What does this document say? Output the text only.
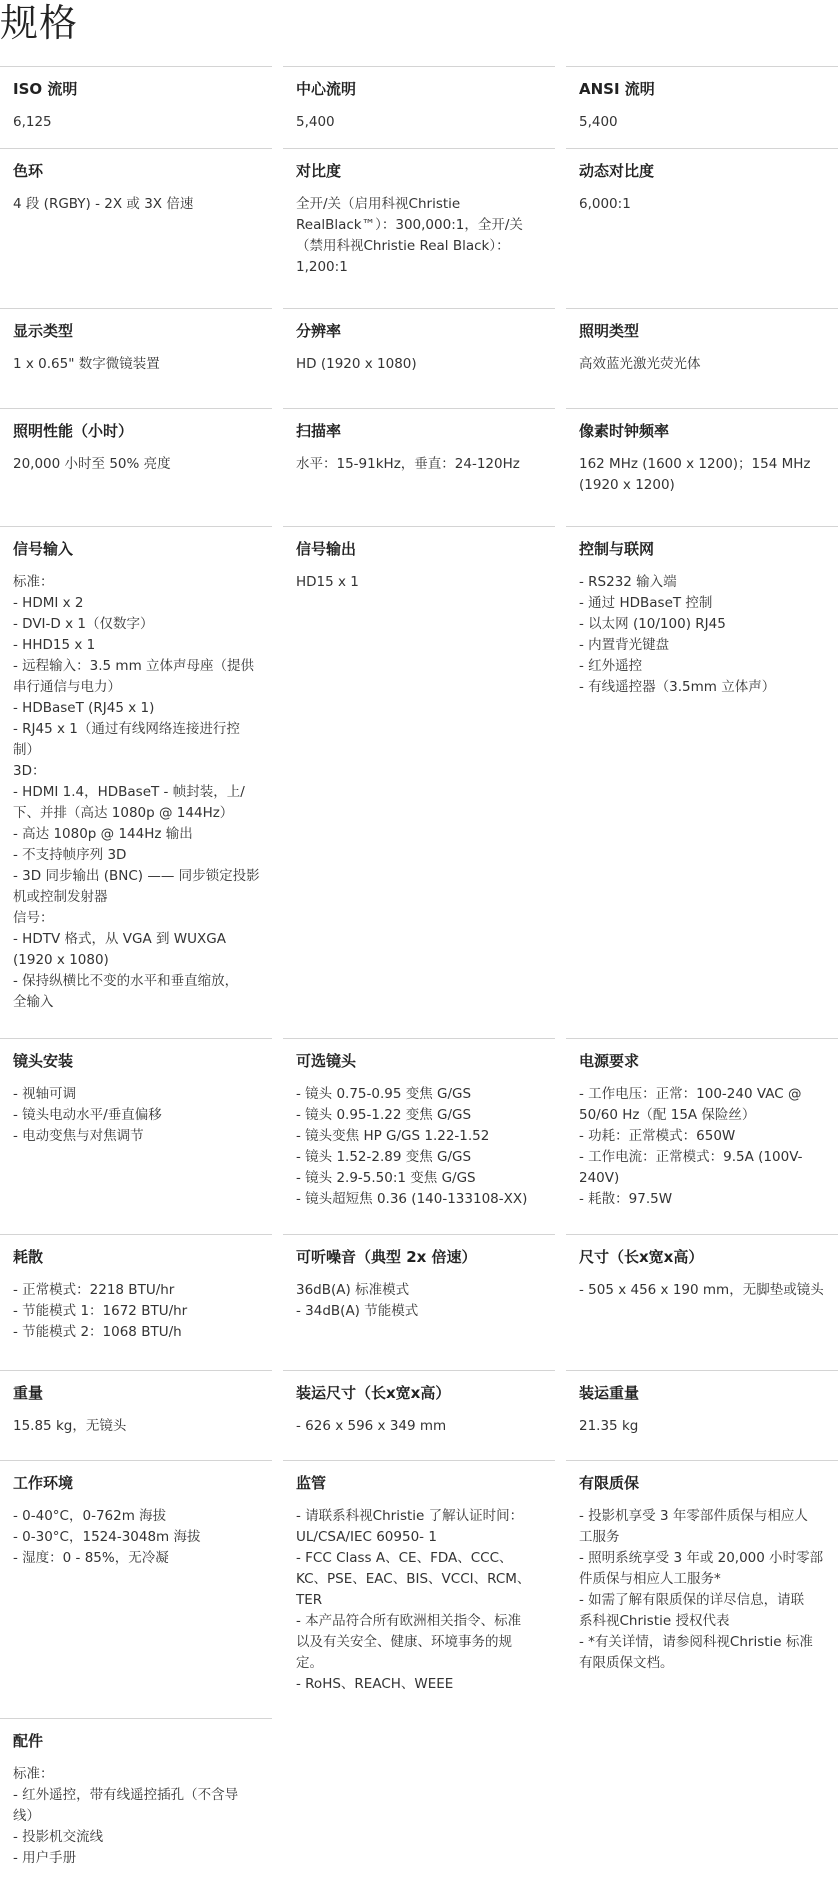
规格
ISO 流明
6,125
中心流明
5,400
ANSI 流明
5,400
色环
4 段 (RGBY) - 2X 或 3X 倍速
对比度
全开/关（启用科视Christie
RealBlack™）：300,000:1，全开/关
（禁用科视Christie Real Black）：
1,200:1
动态对比度
6,000:1
显示类型
1 x 0.65" 数字微镜装置
分辨率
HD (1920 x 1080)
照明类型
高效蓝光激光荧光体
照明性能（小时）
20,000 小时至 50% 亮度
扫描率
水平：15-91kHz，垂直：24-120Hz
像素时钟频率
162 MHz (1600 x 1200)；154 MHz
(1920 x 1200)
信号输入
标准：
- HDMI x 2
- DVI-D x 1（仅数字）
- HHD15 x 1
- 远程输入：3.5 mm 立体声母座（提供
串行通信与电力）
- HDBaseT (RJ45 x 1)
- RJ45 x 1（通过有线网络连接进行控
制）
3D：
- HDMI 1.4，HDBaseT - 帧封装，上/
下、并排（高达 1080p @ 144Hz）
- 高达 1080p @ 144Hz 输出
- 不支持帧序列 3D
- 3D 同步输出 (BNC) —— 同步锁定投影
机或控制发射器
信号：
- HDTV 格式，从 VGA 到 WUXGA
(1920 x 1080)
- 保持纵横比不变的水平和垂直缩放，
全输入
信号输出
HD15 x 1
控制与联网
- RS232 输入端
- 通过 HDBaseT 控制
- 以太网 (10/100) RJ45
- 内置背光键盘
- 红外遥控
- 有线遥控器（3.5mm 立体声）
镜头安装
- 视轴可调
- 镜头电动水平/垂直偏移
- 电动变焦与对焦调节
可选镜头
- 镜头 0.75-0.95 变焦 G/GS
- 镜头 0.95-1.22 变焦 G/GS
- 镜头变焦 HP G/GS 1.22-1.52
- 镜头 1.52-2.89 变焦 G/GS
- 镜头 2.9-5.50:1 变焦 G/GS
- 镜头超短焦 0.36 (140-133108-XX)
电源要求
- 工作电压：正常：100-240 VAC @
50/60 Hz（配 15A 保险丝）
- 功耗：正常模式：650W
- 工作电流：正常模式：9.5A (100V-
240V)
- 耗散：97.5W
耗散
- 正常模式：2218 BTU/hr
- 节能模式 1：1672 BTU/hr
- 节能模式 2：1068 BTU/h
可听噪音（典型 2x 倍速）
36dB(A) 标准模式
- 34dB(A) 节能模式
尺寸（长x宽x高）
- 505 x 456 x 190 mm，无脚垫或镜头
重量
15.85 kg，无镜头
装运尺寸（长x宽x高）
- 626 x 596 x 349 mm
装运重量
21.35 kg
工作环境
- 0-40°C，0-762m 海拔
- 0-30°C，1524-3048m 海拔
- 湿度：0 - 85%，无冷凝
监管
- 请联系科视Christie 了解认证时间：
UL/CSA/IEC 60950- 1
- FCC Class A、CE、FDA、CCC、
KC、PSE、EAC、BIS、VCCI、RCM、
TER
- 本产品符合所有欧洲相关指令、标准
以及有关安全、健康、环境事务的规
定。
- RoHS、REACH、WEEE
有限质保
- 投影机享受 3 年零部件质保与相应人
工服务
- 照明系统享受 3 年或 20,000 小时零部
件质保与相应人工服务*
- 如需了解有限质保的详尽信息，请联
系科视Christie 授权代表
- *有关详情，请参阅科视Christie 标准
有限质保文档。
配件
标准：
- 红外遥控，带有线遥控插孔（不含导
线）
- 投影机交流线
- 用户手册
